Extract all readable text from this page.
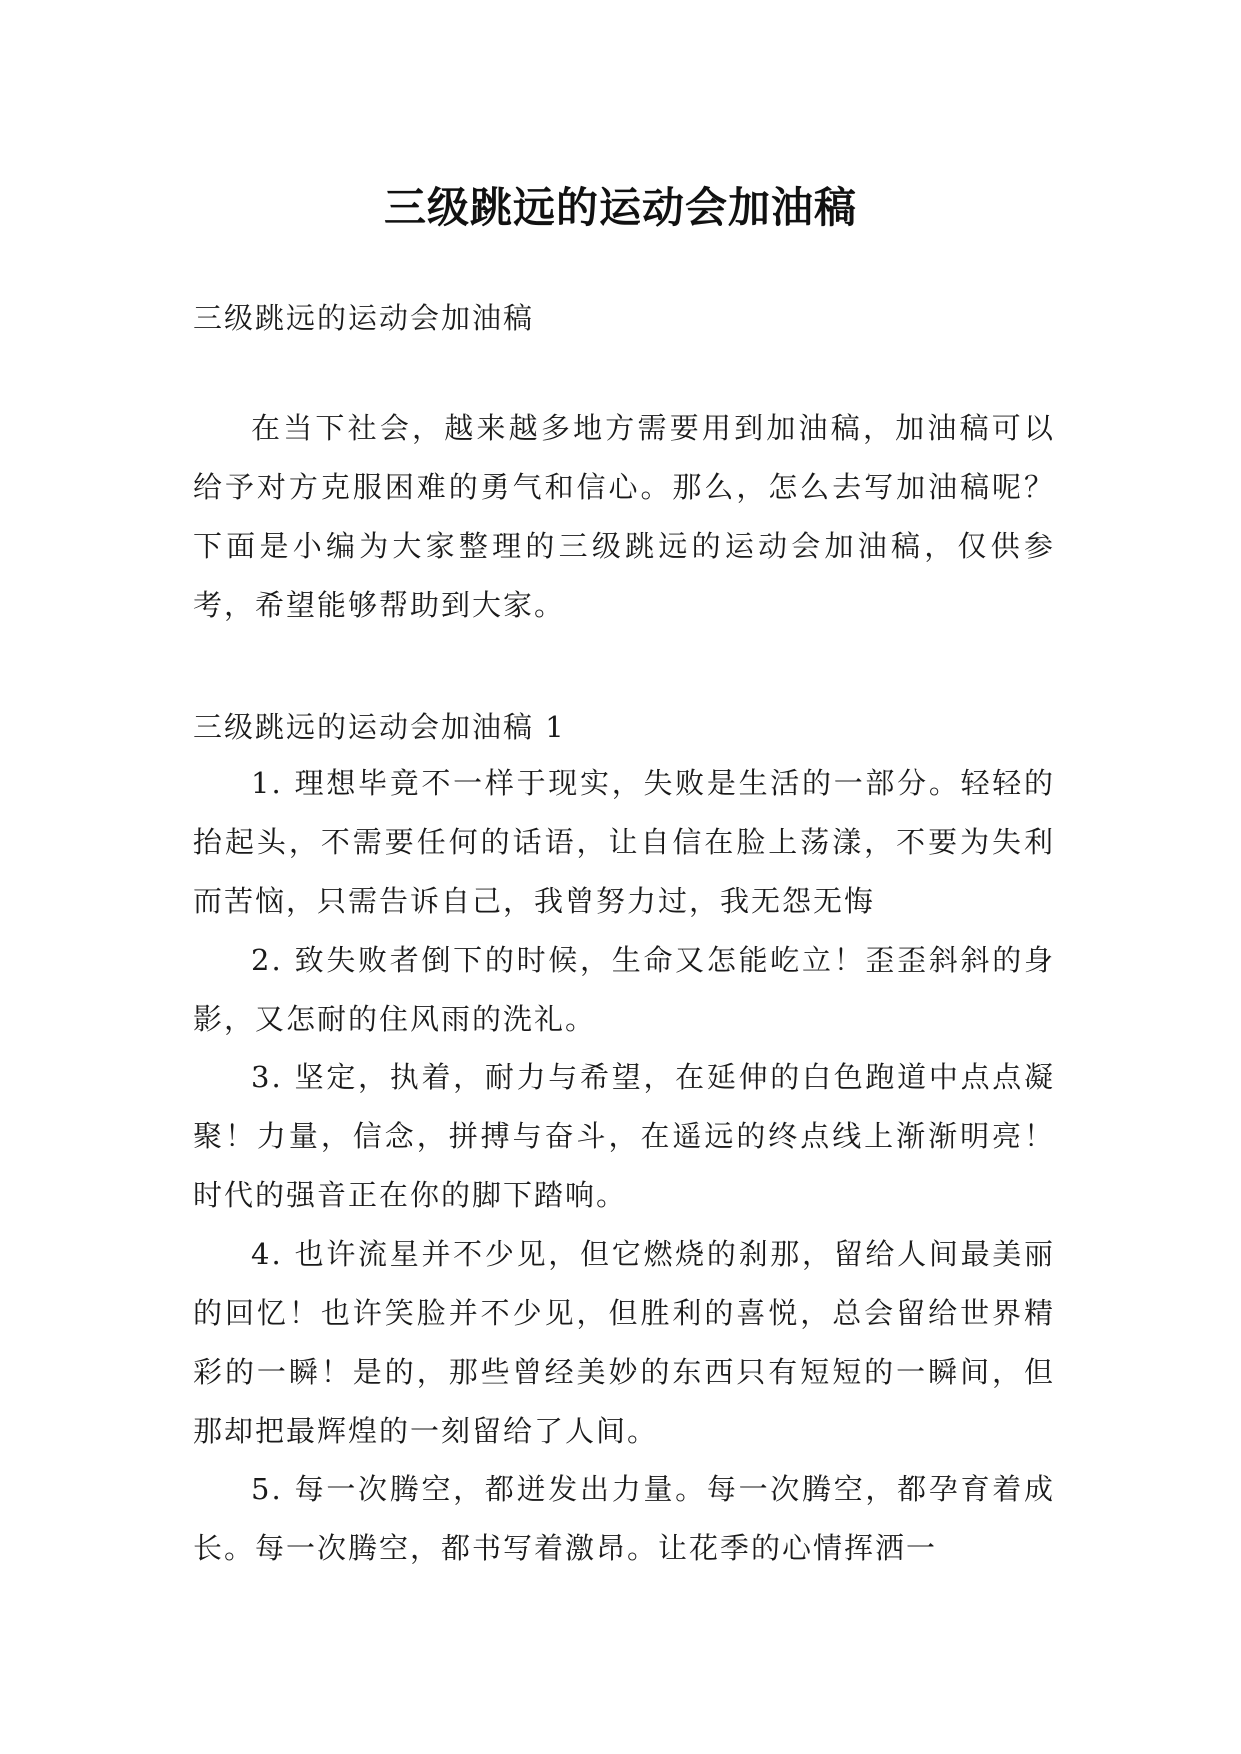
三级跳远的运动会加油稿

三级跳远的运动会加油稿

在当下社会，越来越多地方需要用到加油稿，加油稿可以给予对方克服困难的勇气和信心。那么，怎么去写加油稿呢？下面是小编为大家整理的三级跳远的运动会加油稿，仅供参考，希望能够帮助到大家。

三级跳远的运动会加油稿 1

1. 理想毕竟不一样于现实，失败是生活的一部分。轻轻的抬起头，不需要任何的话语，让自信在脸上荡漾，不要为失利而苦恼，只需告诉自己，我曾努力过，我无怨无悔

2. 致失败者倒下的时候，生命又怎能屹立！歪歪斜斜的身影，又怎耐的住风雨的洗礼。

3. 坚定，执着，耐力与希望，在延伸的白色跑道中点点凝聚！力量，信念，拼搏与奋斗，在遥远的终点线上渐渐明亮！时代的强音正在你的脚下踏响。

4. 也许流星并不少见，但它燃烧的刹那，留给人间最美丽的回忆！也许笑脸并不少见，但胜利的喜悦，总会留给世界精彩的一瞬！是的，那些曾经美妙的东西只有短短的一瞬间，但那却把最辉煌的一刻留给了人间。

5. 每一次腾空，都迸发出力量。每一次腾空，都孕育着成长。每一次腾空，都书写着激昂。让花季的心情挥洒一
